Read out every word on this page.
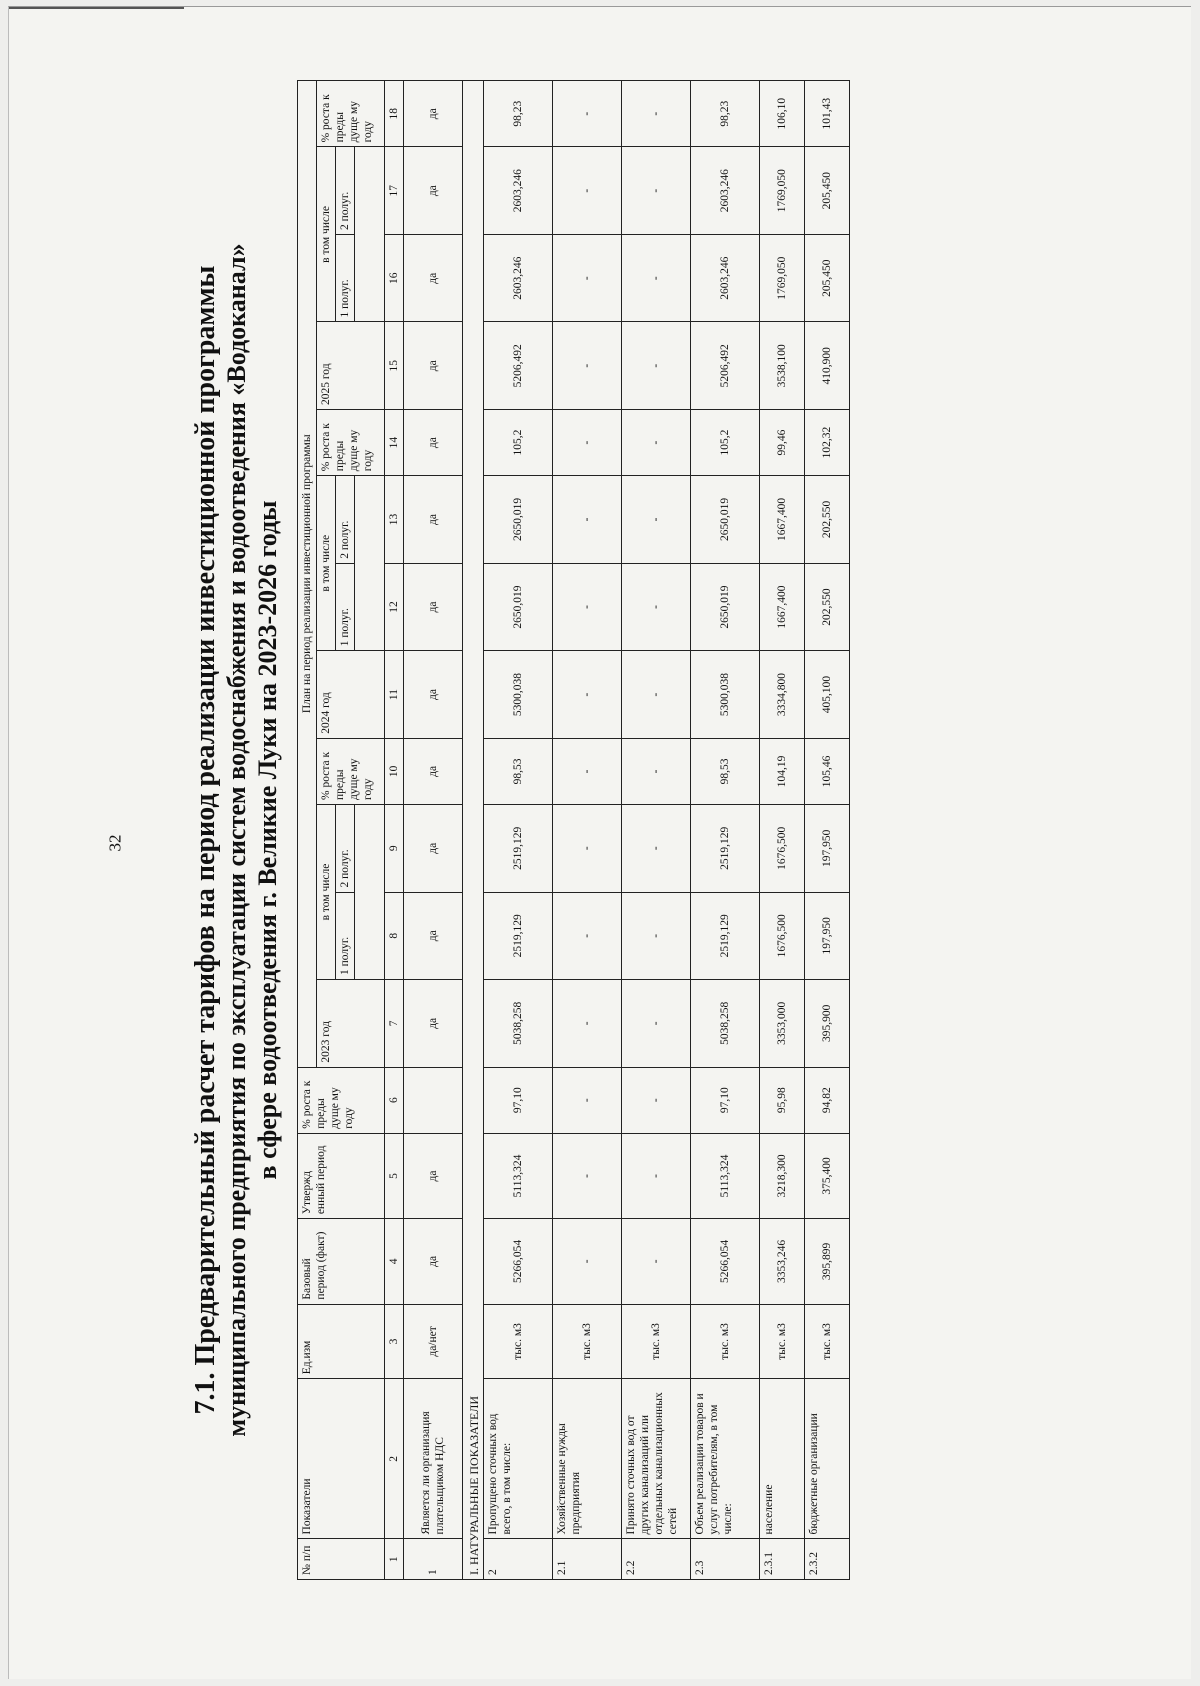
32 7.1. Предварительный расчет тарифов на период реализации инвестиционной программы муниципального предприятия по эксплуатации систем водоснабжения и водоотведения «Водоканал» в сфере водоотведения г. Великие Луки на 2023-2026 годы
№ п/п	Показатели	Ед.изм	Базовый период (факт)	Утвержд енный период	% роста к преды дуще му году	План на период реализации инвестиционной программы											
						2023 год	в том числе		% роста к преды дуще му году	2024 год	в том числе		% роста к преды дуще му году	2025 год	в том числе		% роста к преды дуще му году
							1 полуг.	2 полуг.			1 полуг.	2 полуг.			1 полуг.	2 полуг.	

1	2	3	4	5	6	7	8	9	10	11	12	13	14	15	16	17	18
1	Является ли организация плательщиком НДС	да/нет	да	да		да	да	да	да	да	да	да	да	да	да	да	да
I. НАТУРАЛЬНЫЕ ПОКАЗАТЕЛИ																	
2	Пропущено сточных вод всего, в том числе:	тыс. м3	5266,054	5113,324	97,10	5038,258	2519,129	2519,129	98,53	5300,038	2650,019	2650,019	105,2	5206,492	2603,246	2603,246	98,23
2.1	Хозяйственные нужды предприятия	тыс. м3	-	-	-	-	-	-	-	-	-	-	-	-	-	-	-
2.2	Принято сточных вод от других канализаций или отдельных канализационных сетей	тыс. м3	-	-	-	-	-	-	-	-	-	-	-	-	-	-	-
2.3	Объем реализации товаров и услуг потребителям, в том числе:	тыс. м3	5266,054	5113,324	97,10	5038,258	2519,129	2519,129	98,53	5300,038	2650,019	2650,019	105,2	5206,492	2603,246	2603,246	98,23
2.3.1	население	тыс. м3	3353,246	3218,300	95,98	3353,000	1676,500	1676,500	104,19	3334,800	1667,400	1667,400	99,46	3538,100	1769,050	1769,050	106,10
2.3.2	бюджетные организации	тыс. м3	395,899	375,400	94,82	395,900	197,950	197,950	105,46	405,100	202,550	202,550	102,32	410,900	205,450	205,450	101,43
